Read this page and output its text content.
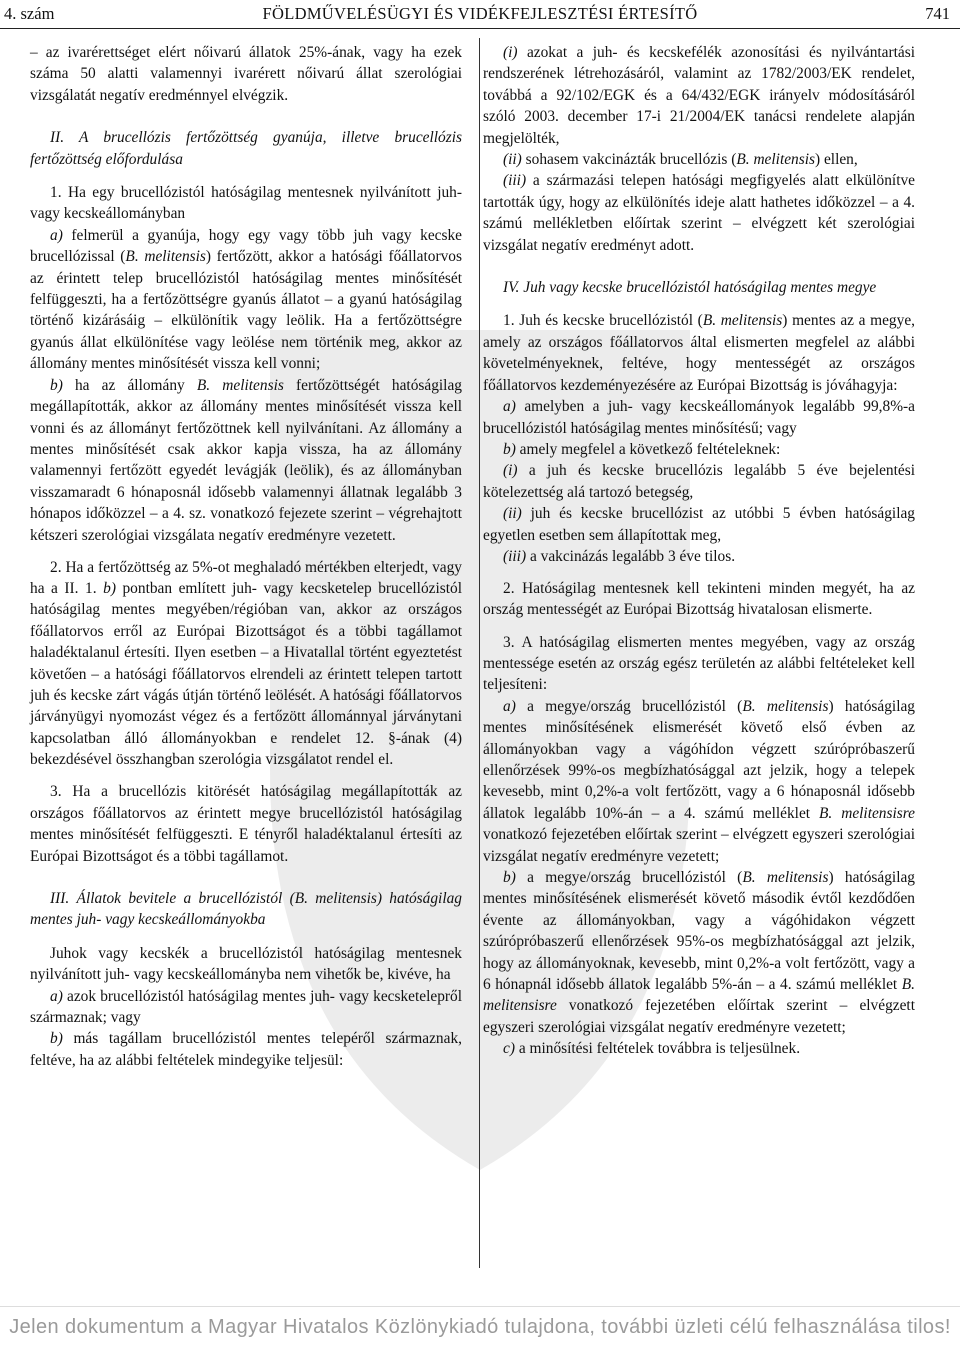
4. szám	FÖLDMŰVELÉSÜGYI ÉS VIDÉKFEJLESZTÉSI ÉRTESÍTŐ	741

– az ivarérettséget elért nőivarú állatok 25%-ának, vagy ha ezek száma 50 alatti valamennyi ivarérett nőivarú állat szerológiai vizsgálatát negatív eredménnyel elvégzik.

II. A brucellózis fertőzöttség gyanúja, illetve brucellózis fertőzöttség előfordulása

1. Ha egy brucellózistól hatóságilag mentesnek nyilvánított juh- vagy kecskeállományban

a) felmerül a gyanúja, hogy egy vagy több juh vagy kecske brucellózissal (B. melitensis) fertőzött, akkor a hatósági főállatorvos az érintett telep brucellózistól hatóságilag mentes minősítését felfüggeszti, ha a fertőzöttségre gyanús állatot – a gyanú hatóságilag történő kizárásáig – elkülönítik vagy leölik. Ha a fertőzöttségre gyanús állat elkülönítése vagy leölése nem történik meg, akkor az állomány mentes minősítését vissza kell vonni;

b) ha az állomány B. melitensis fertőzöttségét hatóságilag megállapították, akkor az állomány mentes minősítését vissza kell vonni és az állományt fertőzöttnek kell nyilvánítani. Az állomány a mentes minősítését csak akkor kapja vissza, ha az állomány valamennyi fertőzött egyedét levágják (leölik), és az állományban visszamaradt 6 hónaposnál idősebb valamennyi állatnak legalább 3 hónapos időközzel – a 4. sz. vonatkozó fejezete szerint – végrehajtott kétszeri szerológiai vizsgálata negatív eredményre vezetett.

2. Ha a fertőzöttség az 5%-ot meghaladó mértékben elterjedt, vagy ha a II. 1. b) pontban említett juh- vagy kecsketelep brucellózistól hatóságilag mentes megyében/régióban van, akkor az országos főállatorvos erről az Európai Bizottságot és a többi tagállamot haladéktalanul értesíti. Ilyen esetben – a Hivatallal történt egyeztetést követően – a hatósági főállatorvos elrendeli az érintett telepen tartott juh és kecske zárt vágás útján történő leölését. A hatósági főállatorvos járványügyi nyomozást végez és a fertőzött állománnyal járványtani kapcsolatban álló állományokban e rendelet 12. §-ának (4) bekezdésével összhangban szerológia vizsgálatot rendel el.

3. Ha a brucellózis kitörését hatóságilag megállapították az országos főállatorvos az érintett megye brucellózistól hatóságilag mentes minősítését felfüggeszti. E tényről haladéktalanul értesíti az Európai Bizottságot és a többi tagállamot.

III. Állatok bevitele a brucellózistól (B. melitensis) hatóságilag mentes juh- vagy kecskeállományokba

Juhok vagy kecskék a brucellózistól hatóságilag mentesnek nyilvánított juh- vagy kecskeállományba nem vihetők be, kivéve, ha

a) azok brucellózistól hatóságilag mentes juh- vagy kecsketelepről származnak; vagy

b) más tagállam brucellózistól mentes telepéről származnak, feltéve, ha az alábbi feltételek mindegyike teljesül:

(i) azokat a juh- és kecskefélék azonosítási és nyilvántartási rendszerének létrehozásáról, valamint az 1782/2003/EK rendelet, továbbá a 92/102/EGK és a 64/432/EGK irányelv módosításáról szóló 2003. december 17-i 21/2004/EK tanácsi rendelete alapján megjelölték,

(ii) sohasem vakcinázták brucellózis (B. melitensis) ellen,

(iii) a származási telepen hatósági megfigyelés alatt elkülönítve tartották úgy, hogy az elkülönítés ideje alatt hathetes időközzel – a 4. számú mellékletben előírtak szerint – elvégzett két szerológiai vizsgálat negatív eredményt adott.

IV. Juh vagy kecske brucellózistól hatóságilag mentes megye

1. Juh és kecske brucellózistól (B. melitensis) mentes az a megye, amely az országos főállatorvos által elismerten megfelel az alábbi követelményeknek, feltéve, hogy mentességét az országos főállatorvos kezdeményezésére az Európai Bizottság is jóváhagyja:

a) amelyben a juh- vagy kecskeállományok legalább 99,8%-a brucellózistól hatóságilag mentes minősítésű; vagy

b) amely megfelel a következő feltételeknek:

(i) a juh és kecske brucellózis legalább 5 éve bejelentési kötelezettség alá tartozó betegség,

(ii) juh és kecske brucellózist az utóbbi 5 évben hatóságilag egyetlen esetben sem állapítottak meg,

(iii) a vakcinázás legalább 3 éve tilos.

2. Hatóságilag mentesnek kell tekinteni minden megyét, ha az ország mentességét az Európai Bizottság hivatalosan elismerte.

3. A hatóságilag elismerten mentes megyében, vagy az ország mentessége esetén az ország egész területén az alábbi feltételeket kell teljesíteni:

a) a megye/ország brucellózistól (B. melitensis) hatóságilag mentes minősítésének elismerését követő első évben az állományokban vagy a vágóhídon végzett szúrópróbaszerű ellenőrzések 99%-os megbízhatósággal azt jelzik, hogy a telepek kevesebb, mint 0,2%-a volt fertőzött, vagy a 6 hónaposnál idősebb állatok legalább 10%-án – a 4. számú melléklet B. melitensisre vonatkozó fejezetében előírtak szerint – elvégzett egyszeri szerológiai vizsgálat negatív eredményre vezetett;

b) a megye/ország brucellózistól (B. melitensis) hatóságilag mentes minősítésének elismerését követő második évtől kezdődően évente az állományokban, vagy a vágóhidakon végzett szúrópróbaszerű ellenőrzések 95%-os megbízhatósággal azt jelzik, hogy az állományoknak, kevesebb, mint 0,2%-a volt fertőzött, vagy a 6 hónapnál idősebb állatok legalább 5%-án – a 4. számú melléklet B. melitensisre vonatkozó fejezetében előírtak szerint – elvégzett egyszeri szerológiai vizsgálat negatív eredményre vezetett;

c) a minősítési feltételek továbbra is teljesülnek.

Jelen dokumentum a Magyar Hivatalos Közlönykiadó tulajdona, további üzleti célú felhasználása tilos!
